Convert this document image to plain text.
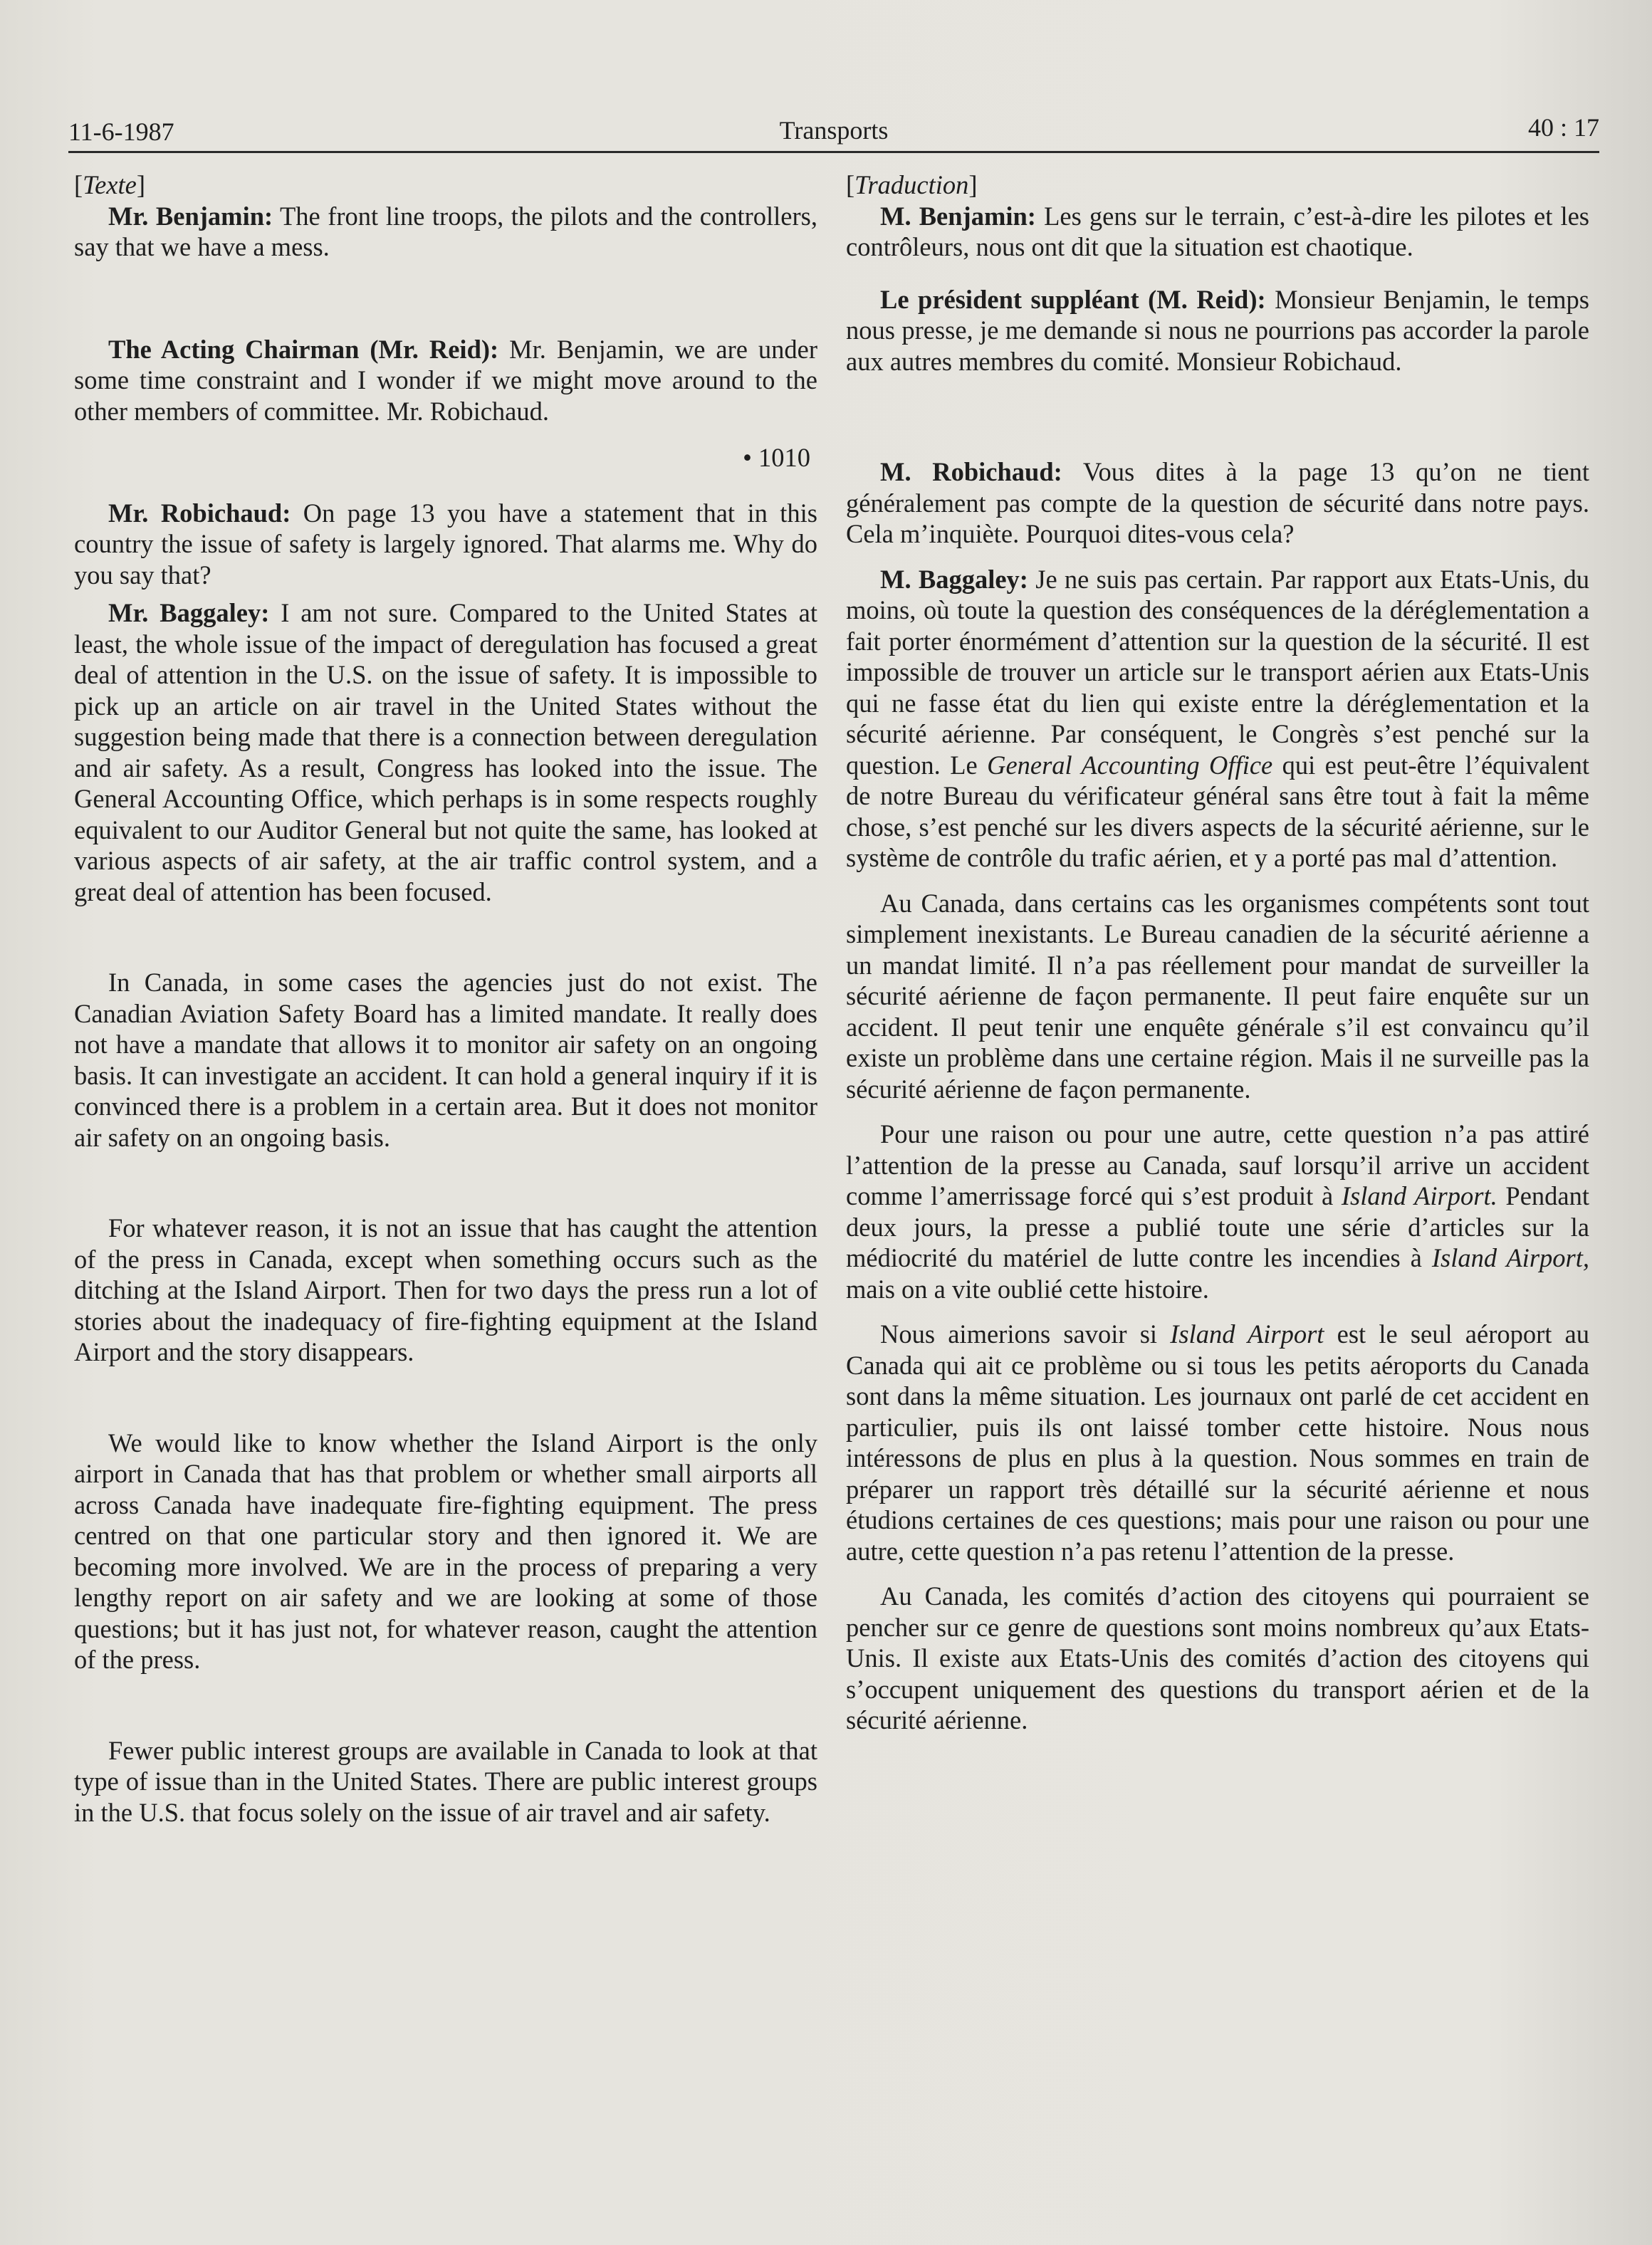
11-6-1987	Transports	40 : 17

[Texte]

Mr. Benjamin: The front line troops, the pilots and the controllers, say that we have a mess.

The Acting Chairman (Mr. Reid): Mr. Benjamin, we are under some time constraint and I wonder if we might move around to the other members of committee. Mr. Robichaud.

• 1010

Mr. Robichaud: On page 13 you have a statement that in this country the issue of safety is largely ignored. That alarms me. Why do you say that?

Mr. Baggaley: I am not sure. Compared to the United States at least, the whole issue of the impact of deregulation has focused a great deal of attention in the U.S. on the issue of safety. It is impossible to pick up an article on air travel in the United States without the suggestion being made that there is a connection between deregulation and air safety. As a result, Congress has looked into the issue. The General Accounting Office, which perhaps is in some respects roughly equivalent to our Auditor General but not quite the same, has looked at various aspects of air safety, at the air traffic control system, and a great deal of attention has been focused.

In Canada, in some cases the agencies just do not exist. The Canadian Aviation Safety Board has a limited mandate. It really does not have a mandate that allows it to monitor air safety on an ongoing basis. It can investigate an accident. It can hold a general inquiry if it is convinced there is a problem in a certain area. But it does not monitor air safety on an ongoing basis.

For whatever reason, it is not an issue that has caught the attention of the press in Canada, except when something occurs such as the ditching at the Island Airport. Then for two days the press run a lot of stories about the inadequacy of fire-fighting equipment at the Island Airport and the story disappears.

We would like to know whether the Island Airport is the only airport in Canada that has that problem or whether small airports all across Canada have inadequate fire-fighting equipment. The press centred on that one particular story and then ignored it. We are becoming more involved. We are in the process of preparing a very lengthy report on air safety and we are looking at some of those questions; but it has just not, for whatever reason, caught the attention of the press.

Fewer public interest groups are available in Canada to look at that type of issue than in the United States. There are public interest groups in the U.S. that focus solely on the issue of air travel and air safety.

[Traduction]

M. Benjamin: Les gens sur le terrain, c’est-à-dire les pilotes et les contrôleurs, nous ont dit que la situation est chaotique.

Le président suppléant (M. Reid): Monsieur Benjamin, le temps nous presse, je me demande si nous ne pourrions pas accorder la parole aux autres membres du comité. Monsieur Robichaud.

M. Robichaud: Vous dites à la page 13 qu’on ne tient généralement pas compte de la question de sécurité dans notre pays. Cela m’inquiète. Pourquoi dites-vous cela?

M. Baggaley: Je ne suis pas certain. Par rapport aux Etats-Unis, du moins, où toute la question des conséquences de la déréglementation a fait porter énormément d’attention sur la question de la sécurité. Il est impossible de trouver un article sur le transport aérien aux Etats-Unis qui ne fasse état du lien qui existe entre la déréglementation et la sécurité aérienne. Par conséquent, le Congrès s’est penché sur la question. Le General Accounting Office qui est peut-être l’équivalent de notre Bureau du vérificateur général sans être tout à fait la même chose, s’est penché sur les divers aspects de la sécurité aérienne, sur le système de contrôle du trafic aérien, et y a porté pas mal d’attention.

Au Canada, dans certains cas les organismes compétents sont tout simplement inexistants. Le Bureau canadien de la sécurité aérienne a un mandat limité. Il n’a pas réellement pour mandat de surveiller la sécurité aérienne de façon permanente. Il peut faire enquête sur un accident. Il peut tenir une enquête générale s’il est convaincu qu’il existe un problème dans une certaine région. Mais il ne surveille pas la sécurité aérienne de façon permanente.

Pour une raison ou pour une autre, cette question n’a pas attiré l’attention de la presse au Canada, sauf lorsqu’il arrive un accident comme l’amerrissage forcé qui s’est produit à Island Airport. Pendant deux jours, la presse a publié toute une série d’articles sur la médiocrité du matériel de lutte contre les incendies à Island Airport, mais on a vite oublié cette histoire.

Nous aimerions savoir si Island Airport est le seul aéroport au Canada qui ait ce problème ou si tous les petits aéroports du Canada sont dans la même situation. Les journaux ont parlé de cet accident en particulier, puis ils ont laissé tomber cette histoire. Nous nous intéressons de plus en plus à la question. Nous sommes en train de préparer un rapport très détaillé sur la sécurité aérienne et nous étudions certaines de ces questions; mais pour une raison ou pour une autre, cette question n’a pas retenu l’attention de la presse.

Au Canada, les comités d’action des citoyens qui pourraient se pencher sur ce genre de questions sont moins nombreux qu’aux Etats-Unis. Il existe aux Etats-Unis des comités d’action des citoyens qui s’occupent uniquement des questions du transport aérien et de la sécurité aérienne.
